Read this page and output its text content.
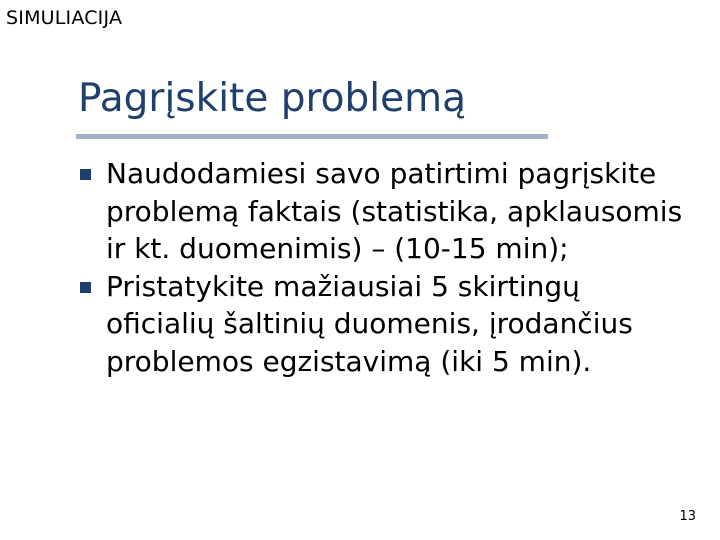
SIMULIACIJA
Pagrįskite problemą
Naudodamiesi savo patirtimi pagrįskite problemą faktais (statistika, apklausomis ir kt. duomenimis) – (10-15 min);
Pristatykite mažiausiai 5 skirtingų oficialių šaltinių duomenis, įrodančius problemos egzistavimą (iki 5 min).
13
